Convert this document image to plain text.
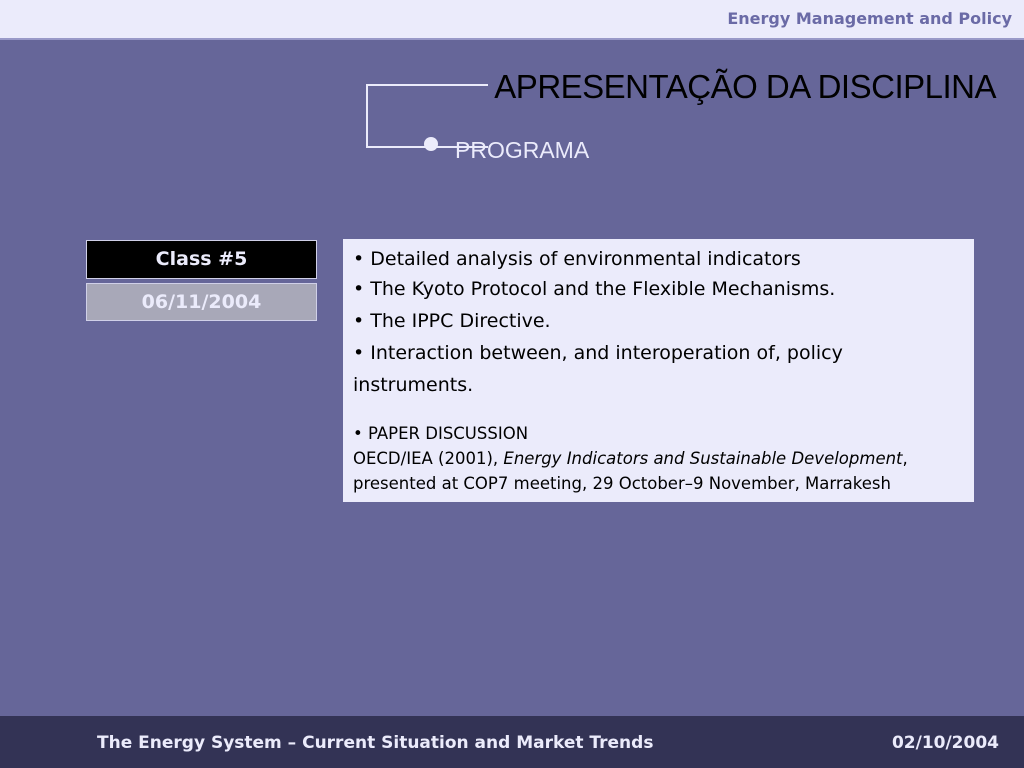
Energy Management and Policy
APRESENTAÇÃO DA DISCIPLINA
PROGRAMA
Class #5
06/11/2004
• Detailed analysis of environmental indicators
• The Kyoto Protocol and the Flexible Mechanisms.
• The IPPC Directive.
• Interaction between, and interoperation of, policy instruments.
• PAPER DISCUSSION
OECD/IEA (2001), Energy Indicators and Sustainable Development,
presented at COP7 meeting, 29 October–9 November, Marrakesh
The Energy System – Current Situation and Market Trends	02/10/2004
